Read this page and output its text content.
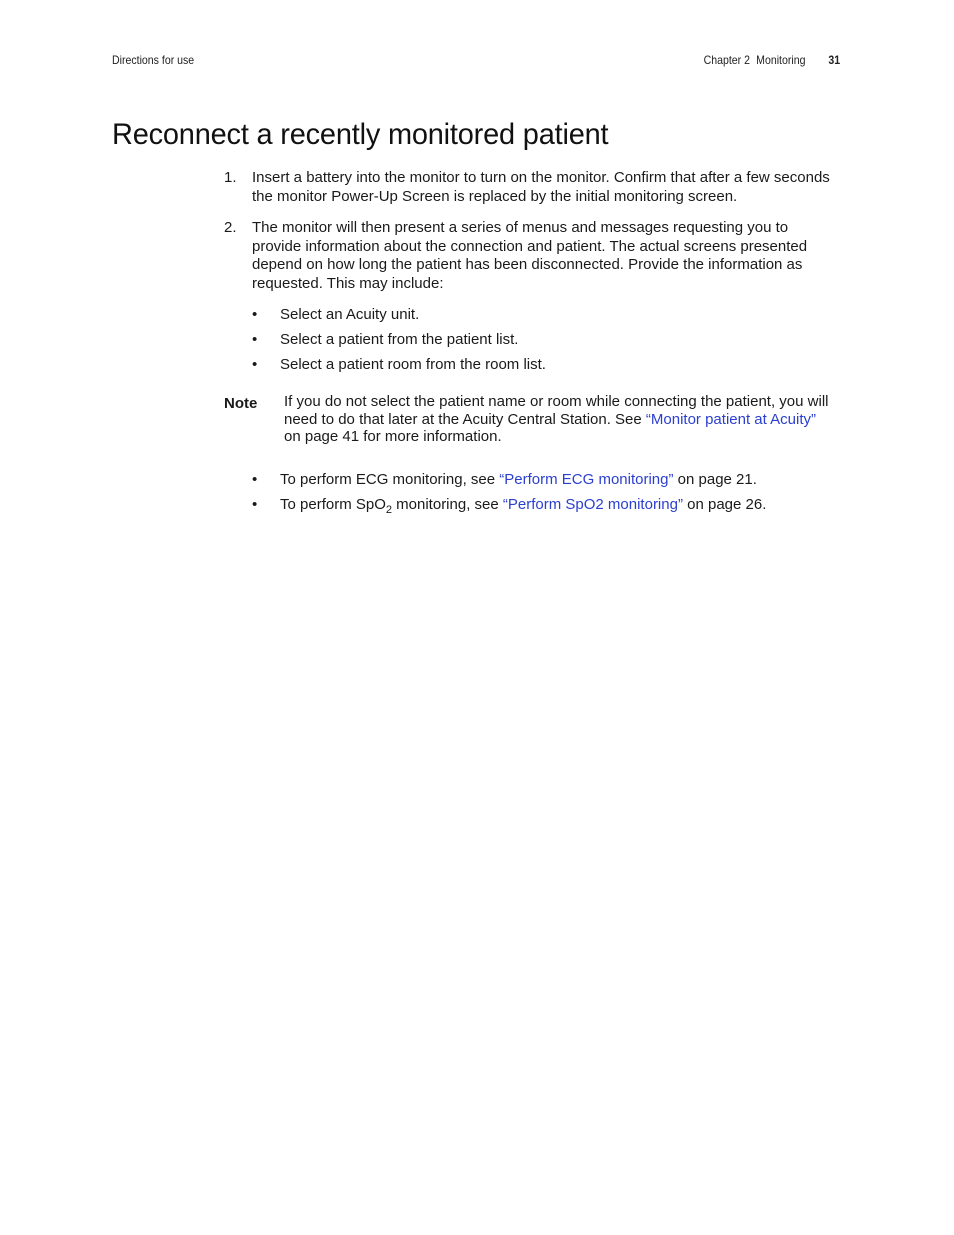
Directions for use	Chapter 2 Monitoring 31
Reconnect a recently monitored patient
1.	Insert a battery into the monitor to turn on the monitor. Confirm that after a few seconds the monitor Power-Up Screen is replaced by the initial monitoring screen.
2.	The monitor will then present a series of menus and messages requesting you to provide information about the connection and patient. The actual screens presented depend on how long the patient has been disconnected. Provide the information as requested. This may include:
•	Select an Acuity unit.
•	Select a patient from the patient list.
•	Select a patient room from the room list.
Note	If you do not select the patient name or room while connecting the patient, you will need to do that later at the Acuity Central Station. See “Monitor patient at Acuity” on page 41 for more information.
•	To perform ECG monitoring, see “Perform ECG monitoring” on page 21.
•	To perform SpO$_2$ monitoring, see “Perform SpO2 monitoring” on page 26.
